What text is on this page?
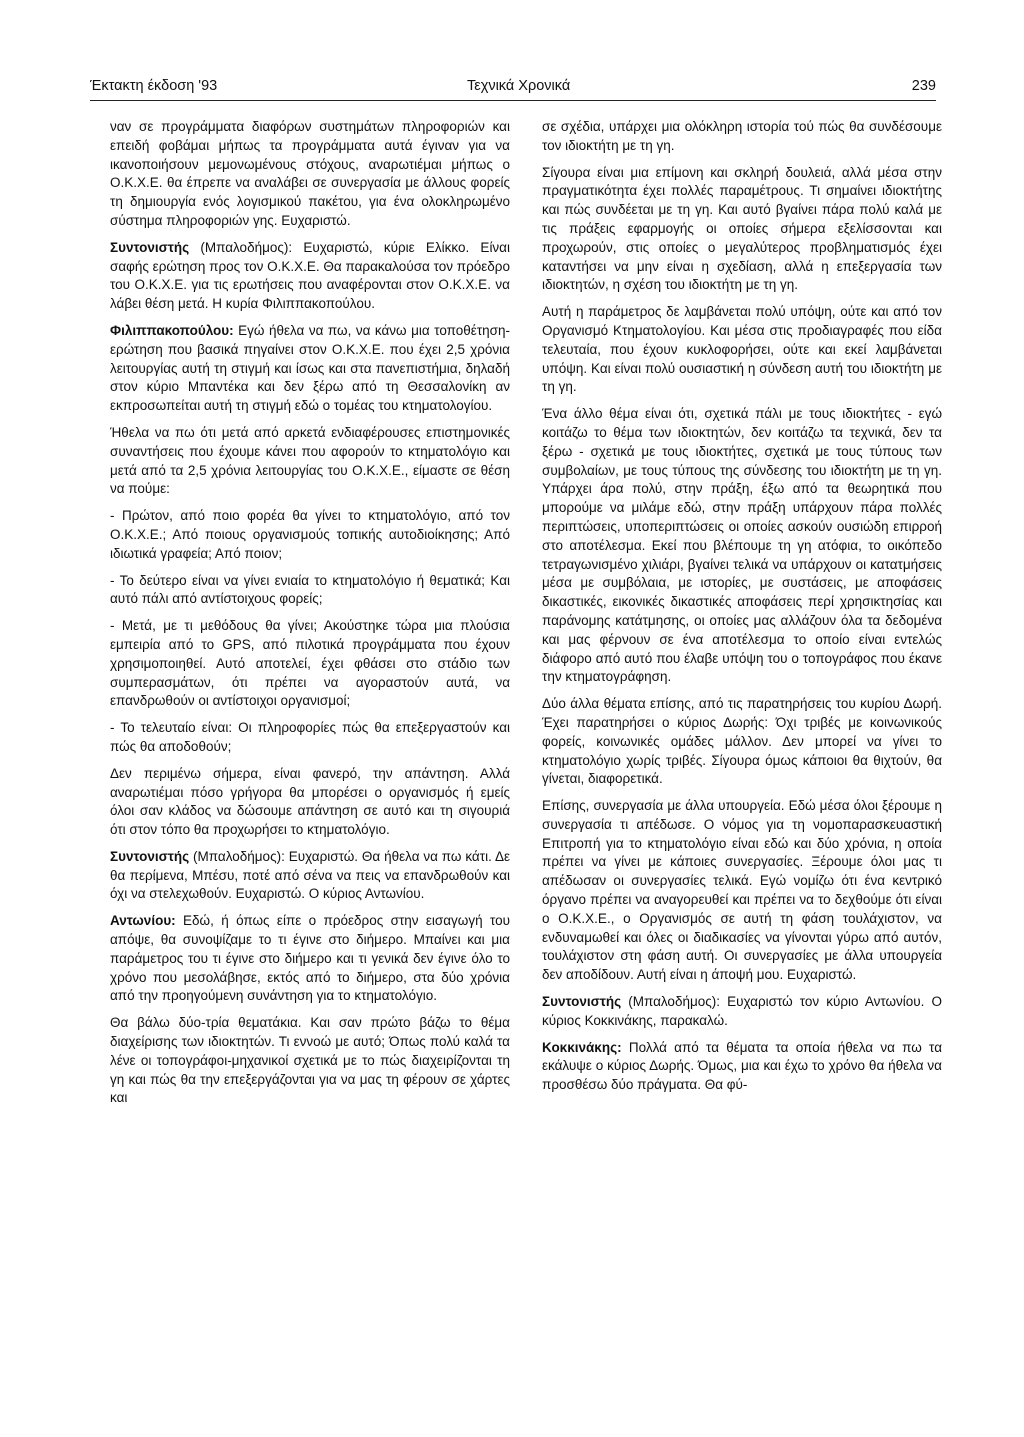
Έκτακτη έκδοση '93	Τεχνικά Χρονικά	239

ναν σε προγράμματα διαφόρων συστημάτων πληροφοριών και επειδή φοβάμαι μήπως τα προγράμματα αυτά έγιναν για να ικανοποιήσουν μεμονωμένους στόχους, αναρωτιέμαι μήπως ο Ο.Κ.Χ.Ε. θα έπρεπε να αναλάβει σε συνεργασία με άλλους φορείς τη δημιουργία ενός λογισμικού πακέτου, για ένα ολοκληρωμένο σύστημα πληροφοριών γης. Ευχαριστώ.

Συντονιστής (Μπαλοδήμος): Ευχαριστώ, κύριε Ελίκκο. Είναι σαφής ερώτηση προς τον Ο.Κ.Χ.Ε. Θα παρακαλούσα τον πρόεδρο του Ο.Κ.Χ.Ε. για τις ερωτήσεις που αναφέρονται στον Ο.Κ.Χ.Ε. να λάβει θέση μετά. Η κυρία Φιλιππακοπούλου.

Φιλιππακοπούλου: Εγώ ήθελα να πω, να κάνω μια τοποθέτηση-ερώτηση που βασικά πηγαίνει στον Ο.Κ.Χ.Ε. που έχει 2,5 χρόνια λειτουργίας αυτή τη στιγμή και ίσως και στα πανεπιστήμια, δηλαδή στον κύριο Μπαντέκα και δεν ξέρω από τη Θεσσαλονίκη αν εκπροσωπείται αυτή τη στιγμή εδώ ο τομέας του κτηματολογίου.

Ήθελα να πω ότι μετά από αρκετά ενδιαφέρουσες επιστημονικές συναντήσεις που έχουμε κάνει που αφορούν το κτηματολόγιο και μετά από τα 2,5 χρόνια λειτουργίας του Ο.Κ.Χ.Ε., είμαστε σε θέση να πούμε:

- Πρώτον, από ποιο φορέα θα γίνει το κτηματολόγιο, από τον Ο.Κ.Χ.Ε.; Από ποιους οργανισμούς τοπικής αυτοδιοίκησης; Από ιδιωτικά γραφεία; Από ποιον;

- Το δεύτερο είναι να γίνει ενιαία το κτηματολόγιο ή θεματικά; Και αυτό πάλι από αντίστοιχους φορείς;

- Μετά, με τι μεθόδους θα γίνει; Ακούστηκε τώρα μια πλούσια εμπειρία από το GPS, από πιλοτικά προγράμματα που έχουν χρησιμοποιηθεί. Αυτό αποτελεί, έχει φθάσει στο στάδιο των συμπερασμάτων, ότι πρέπει να αγοραστούν αυτά, να επανδρωθούν οι αντίστοιχοι οργανισμοί;

- Το τελευταίο είναι: Οι πληροφορίες πώς θα επεξεργαστούν και πώς θα αποδοθούν;

Δεν περιμένω σήμερα, είναι φανερό, την απάντηση. Αλλά αναρωτιέμαι πόσο γρήγορα θα μπορέσει ο οργανισμός ή εμείς όλοι σαν κλάδος να δώσουμε απάντηση σε αυτό και τη σιγουριά ότι στον τόπο θα προχωρήσει το κτηματολόγιο.

Συντονιστής (Μπαλοδήμος): Ευχαριστώ. Θα ήθελα να πω κάτι. Δε θα περίμενα, Μπέσυ, ποτέ από σένα να πεις να επανδρωθούν και όχι να στελεχωθούν. Ευχαριστώ. Ο κύριος Αντωνίου.

Αντωνίου: Εδώ, ή όπως είπε ο πρόεδρος στην εισαγωγή του απόψε, θα συνοψίζαμε το τι έγινε στο διήμερο. Μπαίνει και μια παράμετρος του τι έγινε στο διήμερο και τι γενικά δεν έγινε όλο το χρόνο που μεσολάβησε, εκτός από το διήμερο, στα δύο χρόνια από την προηγούμενη συνάντηση για το κτηματολόγιο.

Θα βάλω δύο-τρία θεματάκια. Και σαν πρώτο βάζω το θέμα διαχείρισης των ιδιοκτητών. Τι εννοώ με αυτό; Όπως πολύ καλά τα λένε οι τοπογράφοι-μηχανικοί σχετικά με το πώς διαχειρίζονται τη γη και πώς θα την επεξεργάζονται για να μας τη φέρουν σε χάρτες και

σε σχέδια, υπάρχει μια ολόκληρη ιστορία τού πώς θα συνδέσουμε τον ιδιοκτήτη με τη γη.

Σίγουρα είναι μια επίμονη και σκληρή δουλειά, αλλά μέσα στην πραγματικότητα έχει πολλές παραμέτρους. Τι σημαίνει ιδιοκτήτης και πώς συνδέεται με τη γη. Και αυτό βγαίνει πάρα πολύ καλά με τις πράξεις εφαρμογής οι οποίες σήμερα εξελίσσονται και προχωρούν, στις οποίες ο μεγαλύτερος προβληματισμός έχει καταντήσει να μην είναι η σχεδίαση, αλλά η επεξεργασία των ιδιοκτητών, η σχέση του ιδιοκτήτη με τη γη.

Αυτή η παράμετρος δε λαμβάνεται πολύ υπόψη, ούτε και από τον Οργανισμό Κτηματολογίου. Και μέσα στις προδιαγραφές που είδα τελευταία, που έχουν κυκλοφορήσει, ούτε και εκεί λαμβάνεται υπόψη. Και είναι πολύ ουσιαστική η σύνδεση αυτή του ιδιοκτήτη με τη γη.

Ένα άλλο θέμα είναι ότι, σχετικά πάλι με τους ιδιοκτήτες - εγώ κοιτάζω το θέμα των ιδιοκτητών, δεν κοιτάζω τα τεχνικά, δεν τα ξέρω - σχετικά με τους ιδιοκτήτες, σχετικά με τους τύπους των συμβολαίων, με τους τύπους της σύνδεσης του ιδιοκτήτη με τη γη. Υπάρχει άρα πολύ, στην πράξη, έξω από τα θεωρητικά που μπορούμε να μιλάμε εδώ, στην πράξη υπάρχουν πάρα πολλές περιπτώσεις, υποπεριπτώσεις οι οποίες ασκούν ουσιώδη επιρροή στο αποτέλεσμα. Εκεί που βλέπουμε τη γη ατόφια, το οικόπεδο τετραγωνισμένο χιλιάρι, βγαίνει τελικά να υπάρχουν οι κατατμήσεις μέσα με συμβόλαια, με ιστορίες, με συστάσεις, με αποφάσεις δικαστικές, εικονικές δικαστικές αποφάσεις περί χρησικτησίας και παράνομης κατάτμησης, οι οποίες μας αλλάζουν όλα τα δεδομένα και μας φέρνουν σε ένα αποτέλεσμα το οποίο είναι εντελώς διάφορο από αυτό που έλαβε υπόψη του ο τοπογράφος που έκανε την κτηματογράφηση.

Δύο άλλα θέματα επίσης, από τις παρατηρήσεις του κυρίου Δωρή. Έχει παρατηρήσει ο κύριος Δωρής: Όχι τριβές με κοινωνικούς φορείς, κοινωνικές ομάδες μάλλον. Δεν μπορεί να γίνει το κτηματολόγιο χωρίς τριβές. Σίγουρα όμως κάποιοι θα θιχτούν, θα γίνεται, διαφορετικά.

Επίσης, συνεργασία με άλλα υπουργεία. Εδώ μέσα όλοι ξέρουμε η συνεργασία τι απέδωσε. Ο νόμος για τη νομοπαρασκευαστική Επιτροπή για το κτηματολόγιο είναι εδώ και δύο χρόνια, η οποία πρέπει να γίνει με κάποιες συνεργασίες. Ξέρουμε όλοι μας τι απέδωσαν οι συνεργασίες τελικά. Εγώ νομίζω ότι ένα κεντρικό όργανο πρέπει να αναγορευθεί και πρέπει να το δεχθούμε ότι είναι ο Ο.Κ.Χ.Ε., ο Οργανισμός σε αυτή τη φάση τουλάχιστον, να ενδυναμωθεί και όλες οι διαδικασίες να γίνονται γύρω από αυτόν, τουλάχιστον στη φάση αυτή. Οι συνεργασίες με άλλα υπουργεία δεν αποδίδουν. Αυτή είναι η άποψή μου. Ευχαριστώ.

Συντονιστής (Μπαλοδήμος): Ευχαριστώ τον κύριο Αντωνίου. Ο κύριος Κοκκινάκης, παρακαλώ.

Κοκκινάκης: Πολλά από τα θέματα τα οποία ήθελα να πω τα εκάλυψε ο κύριος Δωρής. Όμως, μια και έχω το χρόνο θα ήθελα να προσθέσω δύο πράγματα. Θα φύ-
